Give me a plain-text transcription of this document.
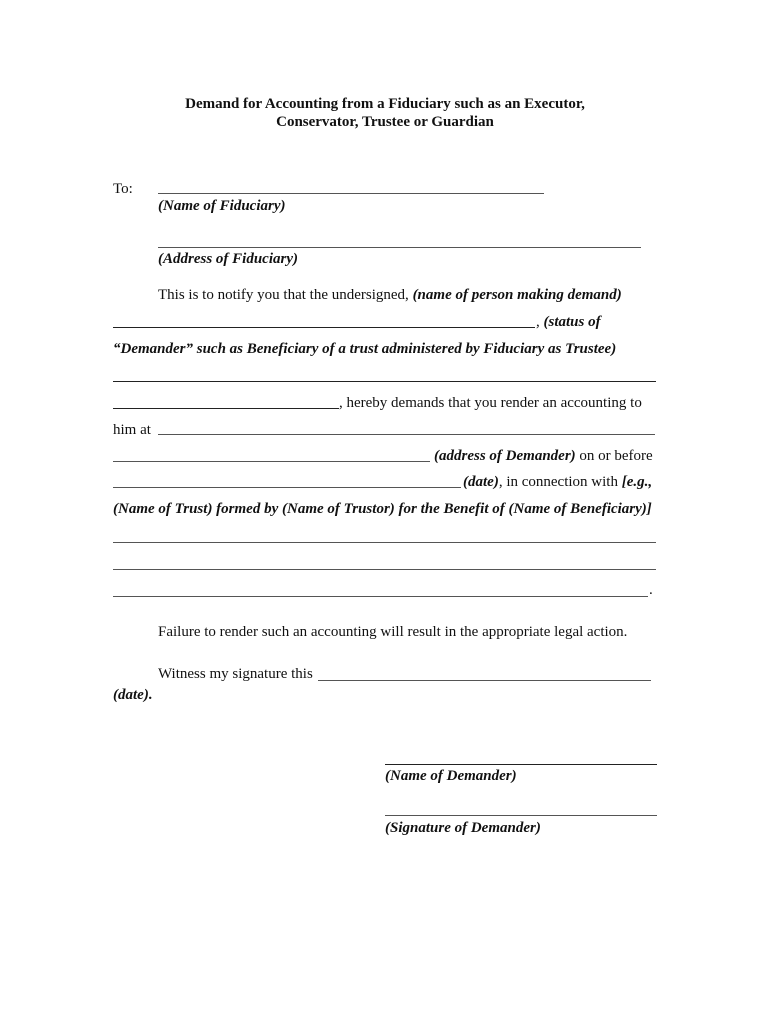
Demand for Accounting from a Fiduciary such as an Executor,
Conservator, Trustee or Guardian
To:
(Name of Fiduciary)
(Address of Fiduciary)
This is to notify you that the undersigned, (name of person making demand)
, (status of
“Demander” such as Beneficiary of a trust administered by Fiduciary as Trustee)
, hereby demands that you render an accounting to
him at
(address of Demander) on or before
(date), in connection with [e.g.,
(Name of Trust) formed by (Name of Trustor) for the Benefit of (Name of Beneficiary)]
.
Failure to render such an accounting will result in the appropriate legal action.
Witness my signature this
(date).
(Name of Demander)
(Signature of Demander)
